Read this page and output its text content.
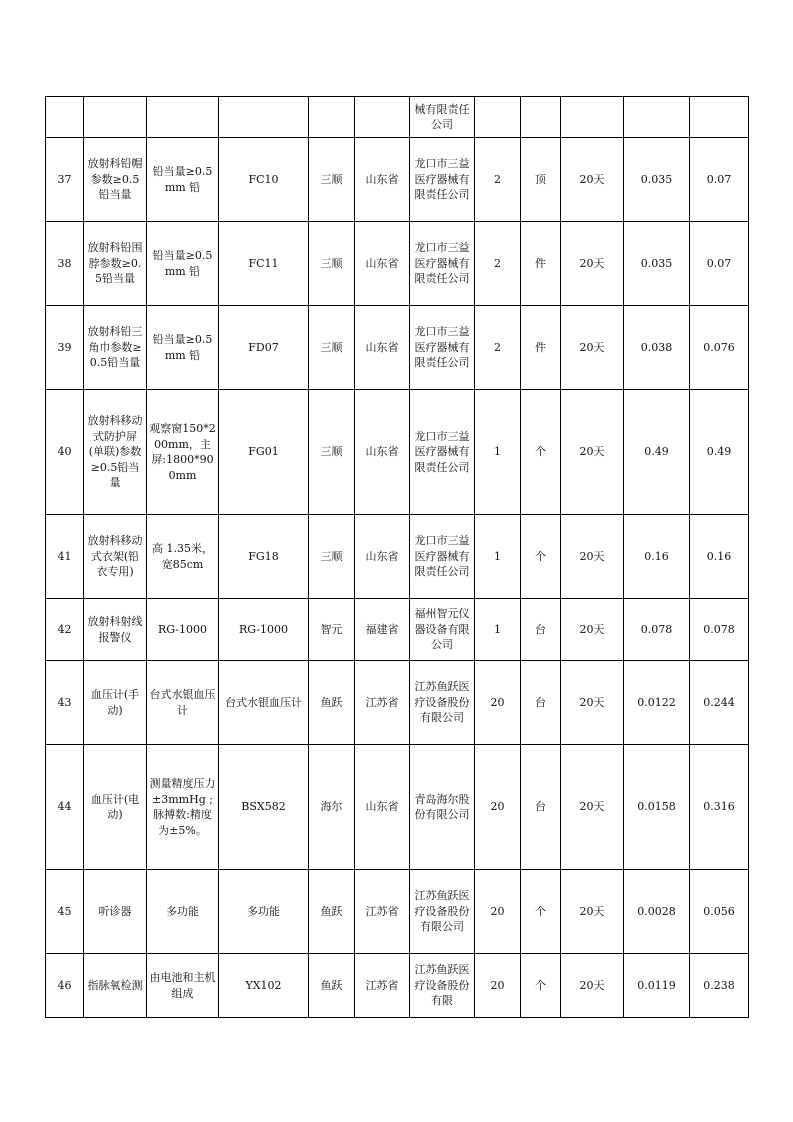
						械有限责任公司					
37	放射科铅帽参数≥0.5铅当量	铅当量≥0.5mm 铅	FC10	三顺	山东省	龙口市三益医疗器械有限责任公司	2	顶	20天	0.035	0.07
38	放射科铅围脖参数≥0.5铅当量	铅当量≥0.5mm 铅	FC11	三顺	山东省	龙口市三益医疗器械有限责任公司	2	件	20天	0.035	0.07
39	放射科铅三角巾参数≥0.5铅当量	铅当量≥0.5mm 铅	FD07	三顺	山东省	龙口市三益医疗器械有限责任公司	2	件	20天	0.038	0.076
40	放射科移动式防护屏(单联)参数≥0.5铅当量	观察窗150*200mm，主屏:1800*900mm	FG01	三顺	山东省	龙口市三益医疗器械有限责任公司	1	个	20天	0.49	0.49
41	放射科移动式衣架(铅衣专用)	高 1.35米，宽85cm	FG18	三顺	山东省	龙口市三益医疗器械有限责任公司	1	个	20天	0.16	0.16
42	放射科射线报警仪	RG-1000	RG-1000	智元	福建省	福州智元仪器设备有限公司	1	台	20天	0.078	0.078
43	血压计(手动)	台式水银血压计	台式水银血压计	鱼跃	江苏省	江苏鱼跃医疗设备股份有限公司	20	台	20天	0.0122	0.244
44	血压计(电动)	测量精度压力±3mmHg ;脉搏数:精度为±5%。	BSX582	海尔	山东省	青岛海尔股份有限公司	20	台	20天	0.0158	0.316
45	听诊器	多功能	多功能	鱼跃	江苏省	江苏鱼跃医疗设备股份有限公司	20	个	20天	0.0028	0.056
46	指脉氧检测	由电池和主机组成	YX102	鱼跃	江苏省	江苏鱼跃医疗设备股份有限	20	个	20天	0.0119	0.238
